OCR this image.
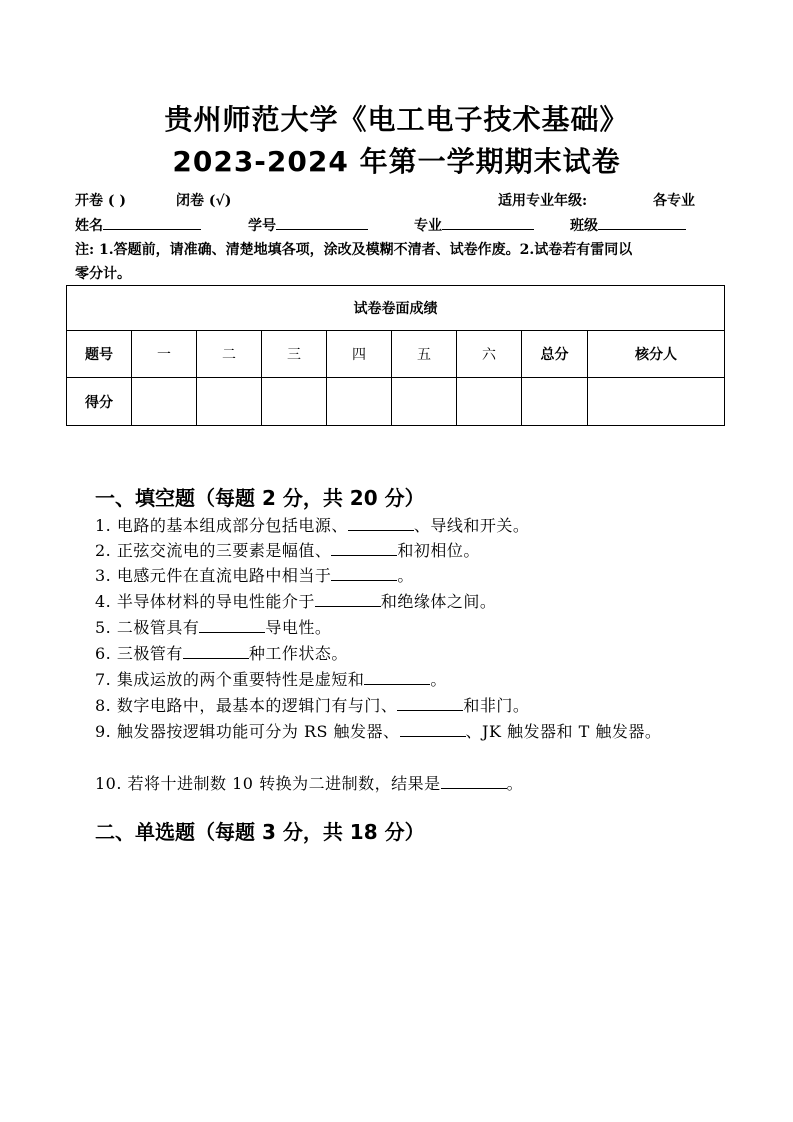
贵州师范大学《电工电子技术基础》
2023-2024 年第一学期期末试卷
开卷 ( )	闭卷 (√)	适用专业年级:	各专业
姓名	学号	专业	班级
注: 1.答题前，请准确、清楚地填各项，涂改及模糊不清者、试卷作废。2.试卷若有雷同以零分计。
试卷卷面成绩								
题号	一	二	三	四	五	六	总分	核分人
得分								
一、填空题（每题 2 分，共 20 分）
1. 电路的基本组成部分包括电源、	、导线和开关。
2. 正弦交流电的三要素是幅值、	和初相位。
3. 电感元件在直流电路中相当于	。
4. 半导体材料的导电性能介于	和绝缘体之间。
5. 二极管具有	导电性。
6. 三极管有	种工作状态。
7. 集成运放的两个重要特性是虚短和	。
8. 数字电路中，最基本的逻辑门有与门、	和非门。
9. 触发器按逻辑功能可分为 RS 触发器、	、JK 触发器和 T 触发器。
10. 若将十进制数 10 转换为二进制数，结果是	。
二、单选题（每题 3 分，共 18 分）
